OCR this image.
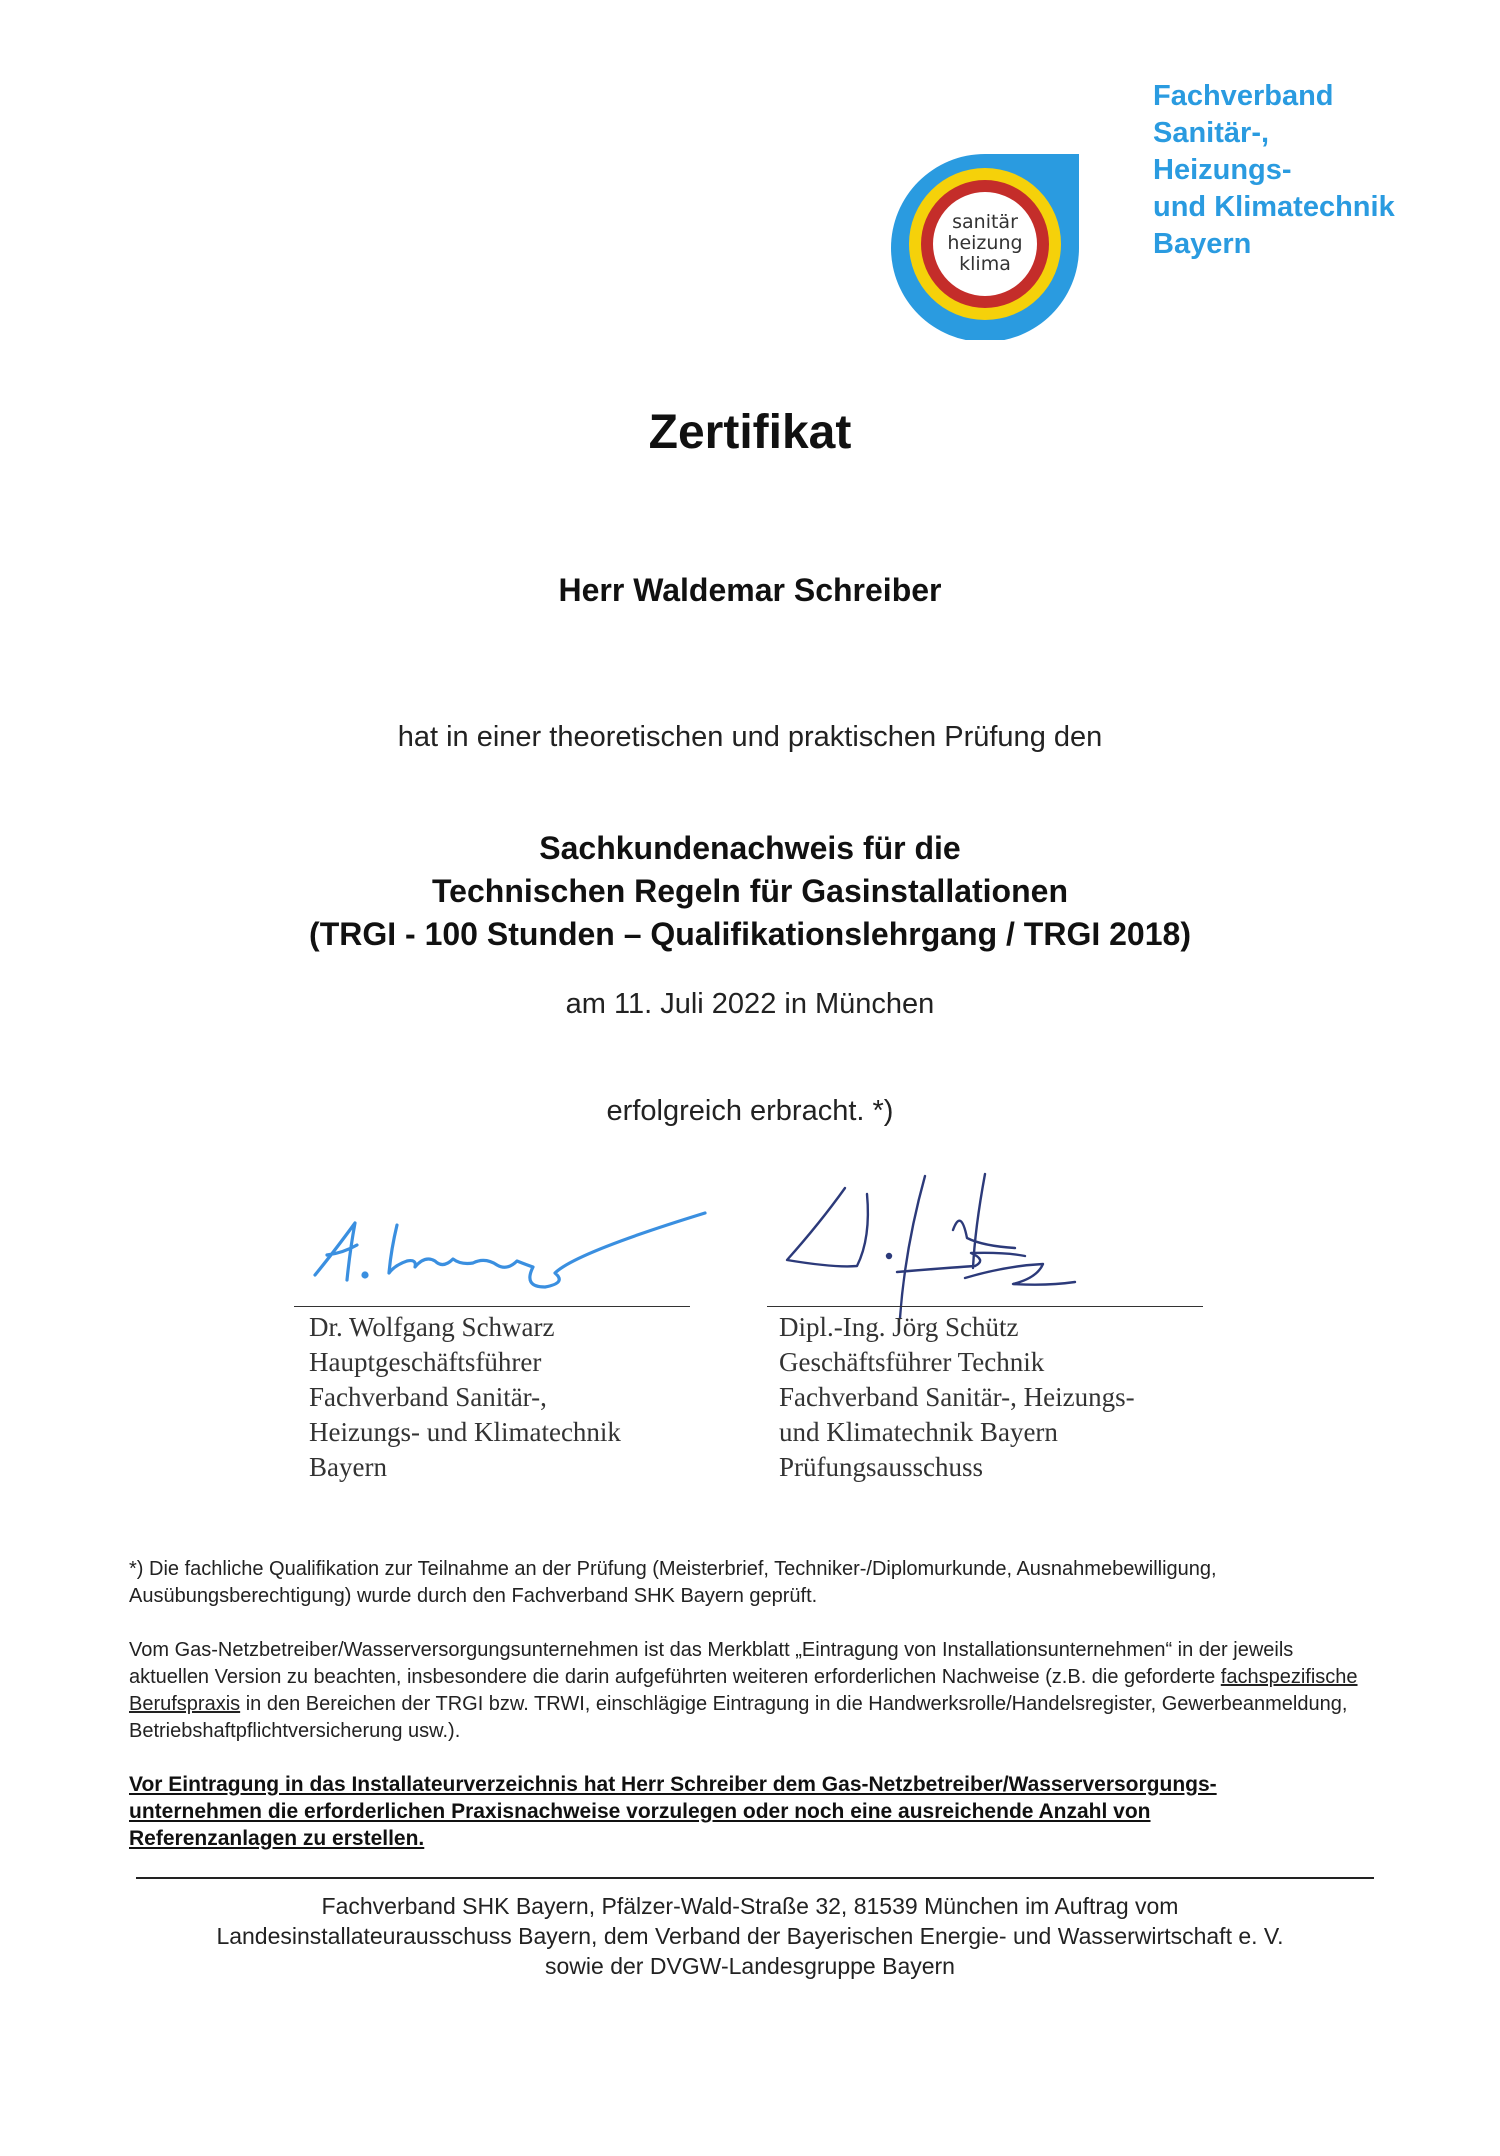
sanitär
heizung
klima
Fachverband
Sanitär-,
Heizungs-
und Klimatechnik
Bayern
Zertifikat
Herr Waldemar Schreiber
hat in einer theoretischen und praktischen Prüfung den
Sachkundenachweis für die
Technischen Regeln für Gasinstallationen
(TRGI - 100 Stunden – Qualifikationslehrgang / TRGI 2018)
am 11. Juli 2022 in München
erfolgreich erbracht. *)
Dr. Wolfgang Schwarz
Hauptgeschäftsführer
Fachverband Sanitär-,
Heizungs- und Klimatechnik
Bayern
Dipl.-Ing. Jörg Schütz
Geschäftsführer Technik
Fachverband Sanitär-, Heizungs-
und Klimatechnik Bayern
Prüfungsausschuss
*) Die fachliche Qualifikation zur Teilnahme an der Prüfung (Meisterbrief, Techniker-/Diplomurkunde, Ausnahmebewilligung, Ausübungsberechtigung) wurde durch den Fachverband SHK Bayern geprüft.
Vom Gas-Netzbetreiber/Wasserversorgungsunternehmen ist das Merkblatt „Eintragung von Installationsunternehmen“ in der jeweils aktuellen Version zu beachten, insbesondere die darin aufgeführten weiteren erforderlichen Nachweise (z.B. die geforderte fachspezifische Berufspraxis in den Bereichen der TRGI bzw. TRWI, einschlägige Eintragung in die Handwerksrolle/Handelsregister, Gewerbeanmeldung, Betriebshaftpflichtversicherung usw.).
Vor Eintragung in das Installateurverzeichnis hat Herr Schreiber dem Gas-Netzbetreiber/Wasserversorgungs-
unternehmen die erforderlichen Praxisnachweise vorzulegen oder noch eine ausreichende Anzahl von
Referenzanlagen zu erstellen.
Fachverband SHK Bayern, Pfälzer-Wald-Straße 32, 81539 München im Auftrag vom
Landesinstallateurausschuss Bayern, dem Verband der Bayerischen Energie- und Wasserwirtschaft e. V.
sowie der DVGW-Landesgruppe Bayern
